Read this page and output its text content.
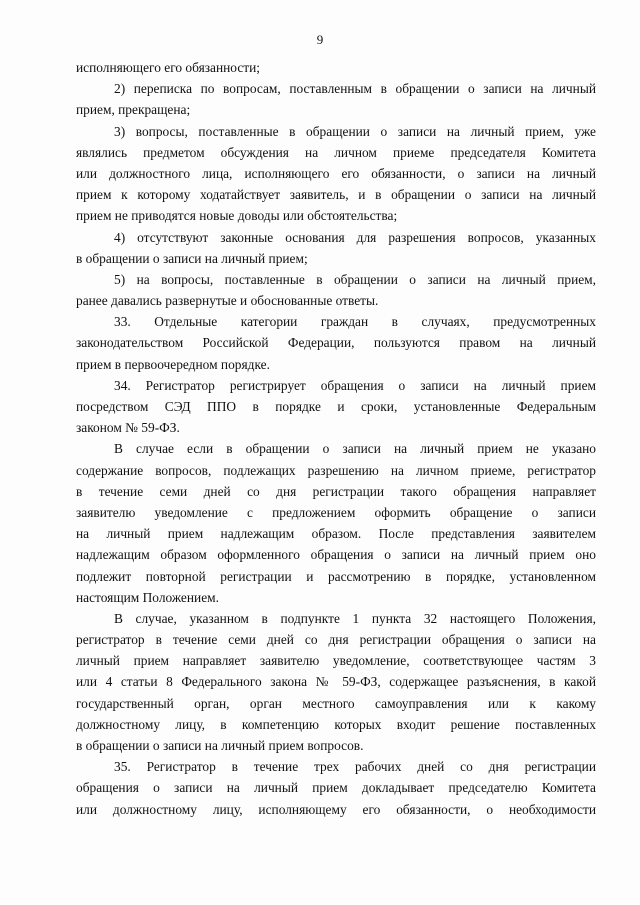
9
исполняющего его обязанности;
2) переписка по вопросам, поставленным в обращении о записи на личный
прием, прекращена;
3) вопросы, поставленные в обращении о записи на личный прием, уже
являлись предметом обсуждения на личном приеме председателя Комитета
или должностного лица, исполняющего его обязанности, о записи на личный
прием к которому ходатайствует заявитель, и в обращении о записи на личный
прием не приводятся новые доводы или обстоятельства;
4) отсутствуют законные основания для разрешения вопросов, указанных
в обращении о записи на личный прием;
5) на вопросы, поставленные в обращении о записи на личный прием,
ранее давались развернутые и обоснованные ответы.
33. Отдельные категории граждан в случаях, предусмотренных
законодательством Российской Федерации, пользуются правом на личный
прием в первоочередном порядке.
34. Регистратор регистрирует обращения о записи на личный прием
посредством СЭД ППО в порядке и сроки, установленные Федеральным
законом № 59-ФЗ.
В случае если в обращении о записи на личный прием не указано
содержание вопросов, подлежащих разрешению на личном приеме, регистратор
в течение семи дней со дня регистрации такого обращения направляет
заявителю уведомление с предложением оформить обращение о записи
на личный прием надлежащим образом. После представления заявителем
надлежащим образом оформленного обращения о записи на личный прием оно
подлежит повторной регистрации и рассмотрению в порядке, установленном
настоящим Положением.
В случае, указанном в подпункте 1 пункта 32 настоящего Положения,
регистратор в течение семи дней со дня регистрации обращения о записи на
личный прием направляет заявителю уведомление, соответствующее частям 3
или 4 статьи 8 Федерального закона № 59-ФЗ, содержащее разъяснения, в какой
государственный орган, орган местного самоуправления или к какому
должностному лицу, в компетенцию которых входит решение поставленных
в обращении о записи на личный прием вопросов.
35. Регистратор в течение трех рабочих дней со дня регистрации
обращения о записи на личный прием докладывает председателю Комитета
или должностному лицу, исполняющему его обязанности, о необходимости
